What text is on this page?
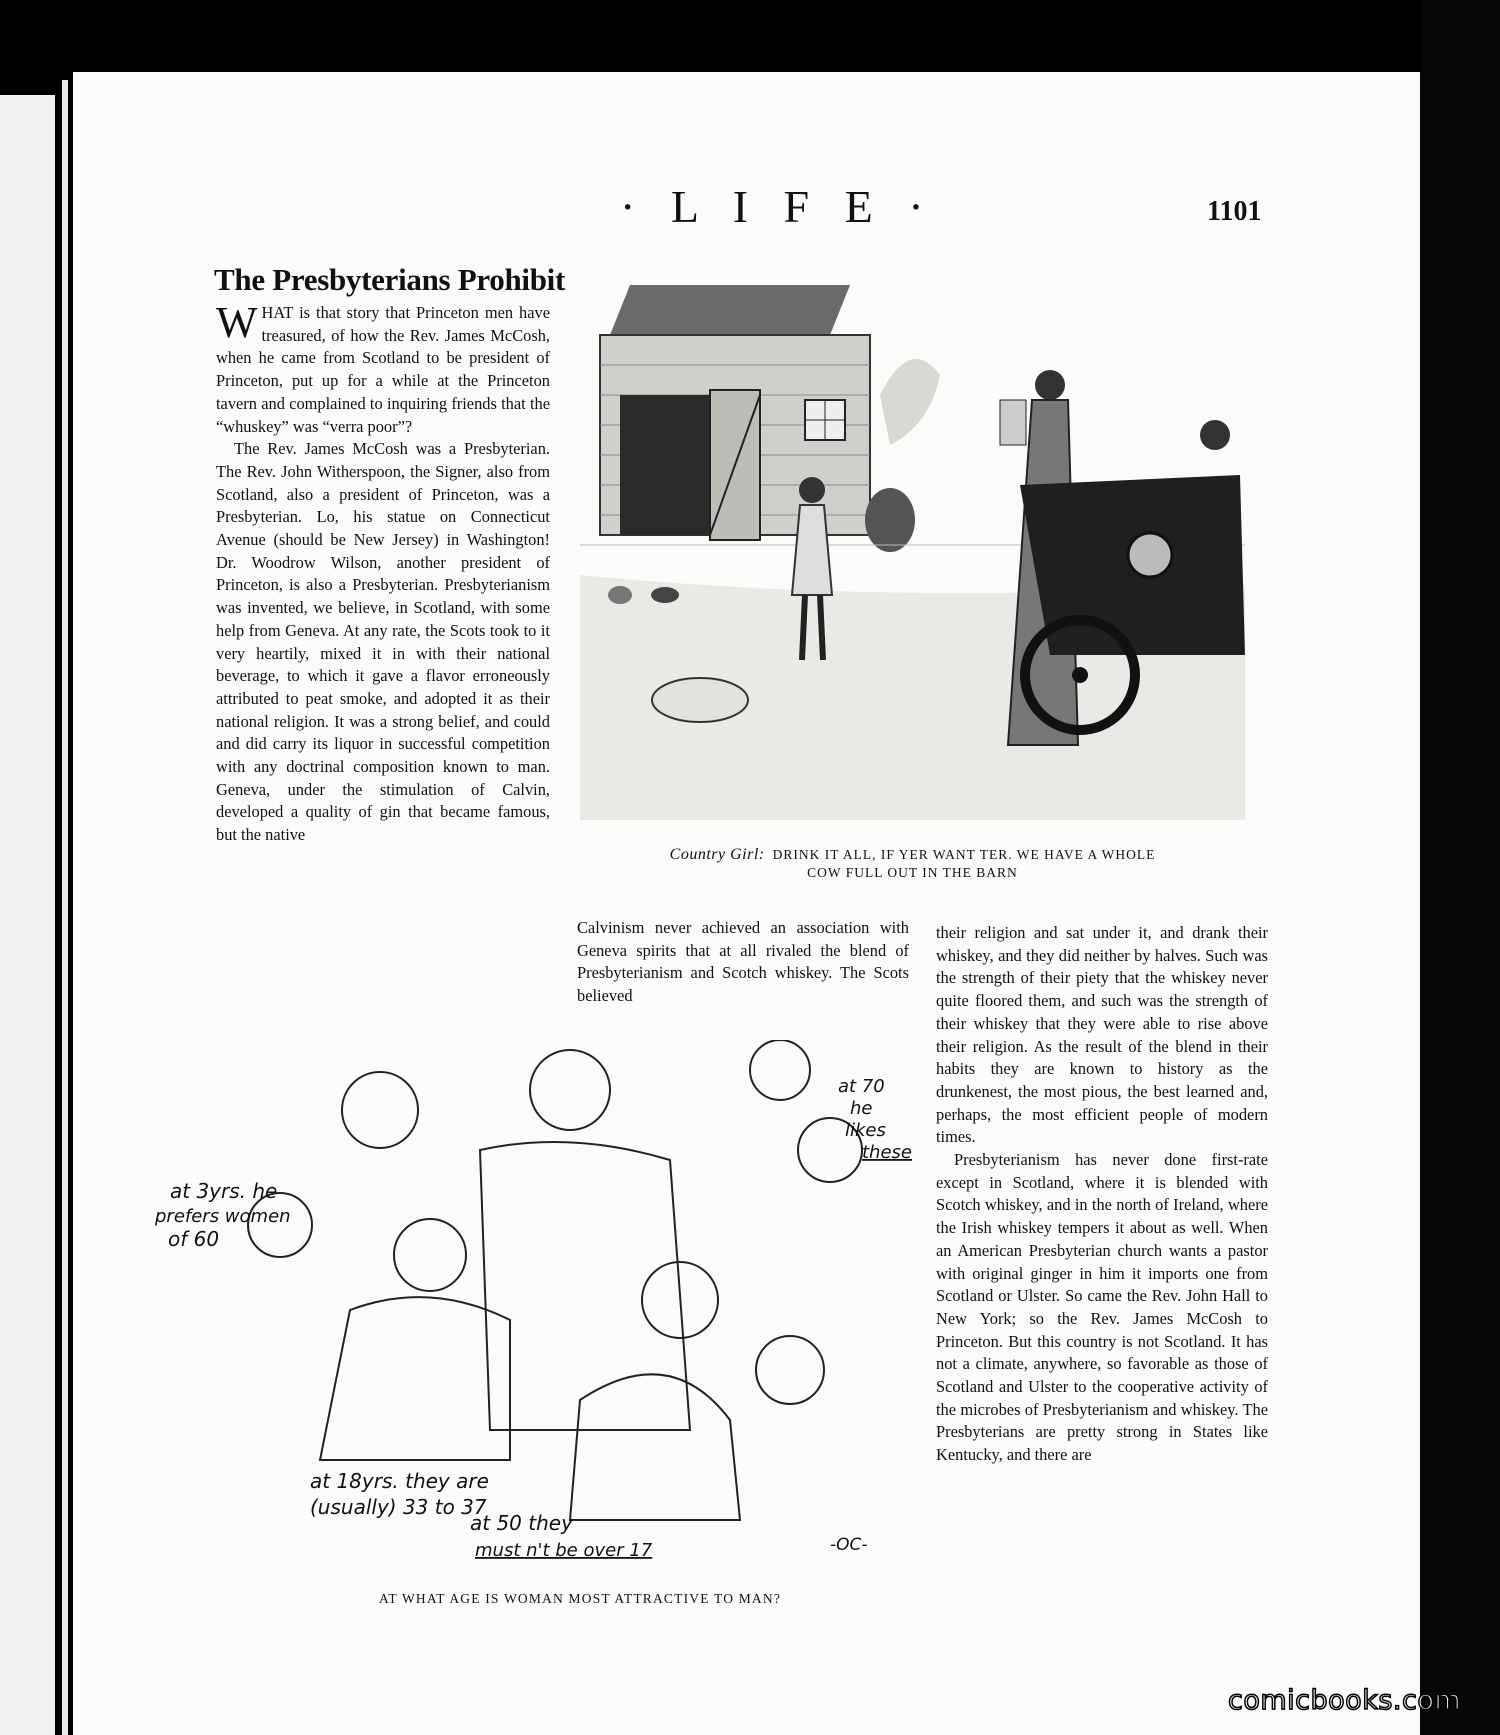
· L I F E ·	1101
The Presbyterians Prohibit

WHAT is that story that Princeton men have treasured, of how the Rev. James McCosh, when he came from Scotland to be president of Princeton, put up for a while at the Princeton tavern and complained to inquiring friends that the “whuskey” was “verra poor”?

The Rev. James McCosh was a Presbyterian. The Rev. John Witherspoon, the Signer, also from Scotland, also a president of Princeton, was a Presbyterian. Lo, his statue on Connecticut Avenue (should be New Jersey) in Washington! Dr. Woodrow Wilson, another president of Princeton, is also a Presbyterian. Presbyterianism was invented, we believe, in Scotland, with some help from Geneva. At any rate, the Scots took to it very heartily, mixed it in with their national beverage, to which it gave a flavor erroneously attributed to peat smoke, and adopted it as their national religion. It was a strong belief, and could and did carry its liquor in successful competition with any doctrinal composition known to man. Geneva, under the stimulation of Calvin, developed a quality of gin that became famous, but the native

Calvinism never achieved an association with Geneva spirits that at all rivaled the blend of Presbyterianism and Scotch whiskey. The Scots believed

their religion and sat under it, and drank their whiskey, and they did neither by halves. Such was the strength of their piety that the whiskey never quite floored them, and such was the strength of their whiskey that they were able to rise above their religion. As the result of the blend in their habits they are known to history as the drunkenest, the most pious, the best learned and, perhaps, the most efficient people of modern times.

Presbyterianism has never done first-rate except in Scotland, where it is blended with Scotch whiskey, and in the north of Ireland, where the Irish whiskey tempers it about as well. When an American Presbyterian church wants a pastor with original ginger in him it imports one from Scotland or Ulster. So came the Rev. John Hall to New York; so the Rev. James McCosh to Princeton. But this country is not Scotland. It has not a climate, anywhere, so favorable as those of Scotland and Ulster to the cooperative activity of the microbes of Presbyterianism and whiskey. The Presbyterians are pretty strong in States like Kentucky, and there are

Country Girl: DRINK IT ALL, IF YER WANT TER. WE HAVE A WHOLE
COW FULL OUT IN THE BARN
at 3yrs. he
prefers women
of 60
at 70
he
likes
these
at 18yrs. they are
(usually) 33 to 37
at 50 they
must n't be over 17	-OC-
AT WHAT AGE IS WOMAN MOST ATTRACTIVE TO MAN?
comicbooks.com
